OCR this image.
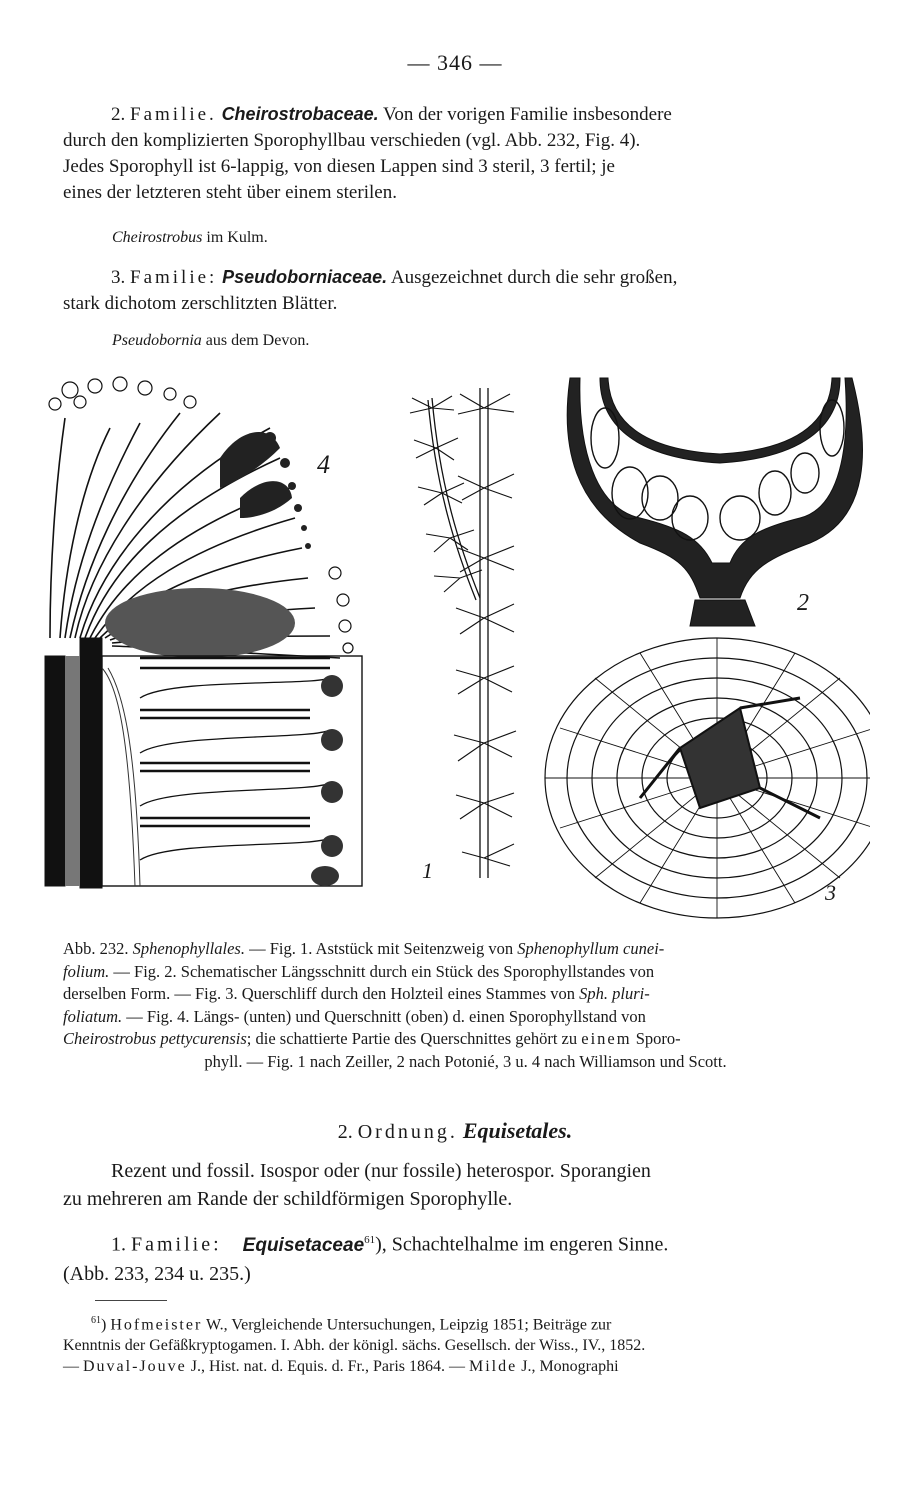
— 346 —
2. Familie. Cheirostrobaceae. Von der vorigen Familie insbesondere
durch den komplizierten Sporophyllbau verschieden (vgl. Abb. 232, Fig. 4).
Jedes Sporophyll ist 6-lappig, von diesen Lappen sind 3 steril, 3 fertil; je
eines der letzteren steht über einem sterilen.
Cheirostrobus im Kulm.
3. Familie: Pseudoborniaceae. Ausgezeichnet durch die sehr großen,
stark dichotom zerschlitzten Blätter.
Pseudobornia aus dem Devon.
4
2
1
3
Abb. 232. Sphenophyllales. — Fig. 1. Aststück mit Seitenzweig von Sphenophyllum cunei-
folium. — Fig. 2. Schematischer Längsschnitt durch ein Stück des Sporophyllstandes von
derselben Form. — Fig. 3. Querschliff durch den Holzteil eines Stammes von Sph. pluri-
foliatum. — Fig. 4. Längs- (unten) und Querschnitt (oben) d. einen Sporophyllstand von
Cheirostrobus pettycurensis; die schattierte Partie des Querschnittes gehört zu einem Sporo-
phyll. — Fig. 1 nach Zeiller, 2 nach Potonié, 3 u. 4 nach Williamson und Scott.
2. Ordnung. Equisetales.
Rezent und fossil. Isospor oder (nur fossile) heterospor. Sporangien
zu mehreren am Rande der schildförmigen Sporophylle.
1. Familie: Equisetaceae$^{61}$), Schachtelhalme im engeren Sinne.
(Abb. 233, 234 u. 235.)
$^{61}$) Hofmeister W., Vergleichende Untersuchungen, Leipzig 1851; Beiträge zur
Kenntnis der Gefäßkryptogamen. I. Abh. der königl. sächs. Gesellsch. der Wiss., IV., 1852.
— Duval-Jouve J., Hist. nat. d. Equis. d. Fr., Paris 1864. — Milde J., Monographi
